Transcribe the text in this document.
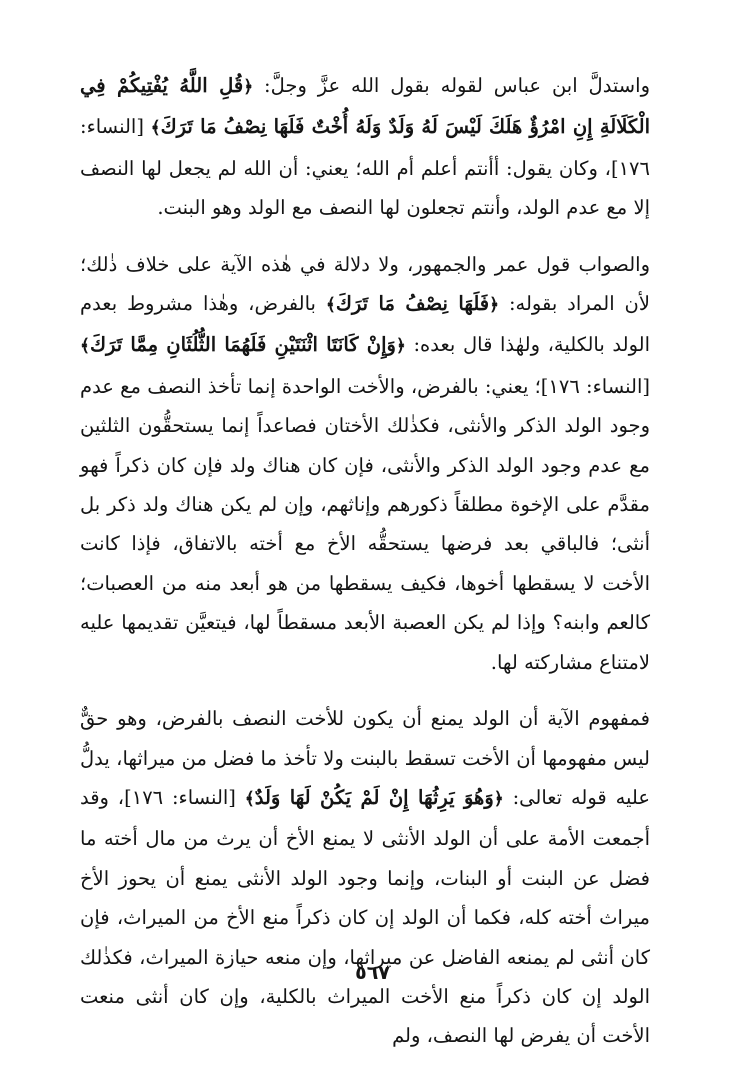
واستدلَّ ابن عباس لقوله بقول الله عزَّ وجلَّ: ﴿قُلِ اللَّهُ يُفْتِيكُمْ فِي الْكَلَالَةِ إِنِ امْرُؤٌ هَلَكَ لَيْسَ لَهُ وَلَدٌ وَلَهُ أُخْتٌ فَلَهَا نِصْفُ مَا تَرَكَ﴾ [النساء: ١٧٦]، وكان يقول: أأنتم أعلم أم الله؛ يعني: أن الله لم يجعل لها النصف إلا مع عدم الولد، وأنتم تجعلون لها النصف مع الولد وهو البنت.

والصواب قول عمر والجمهور، ولا دلالة في هٰذه الآية على خلاف ذٰلك؛ لأن المراد بقوله: ﴿فَلَهَا نِصْفُ مَا تَرَكَ﴾ بالفرض، وهٰذا مشروط بعدم الولد بالكلية، ولهٰذا قال بعده: ﴿وَإِنْ كَانَتَا اثْنَتَيْنِ فَلَهُمَا الثُّلُثَانِ مِمَّا تَرَكَ﴾ [النساء: ١٧٦]؛ يعني: بالفرض، والأخت الواحدة إنما تأخذ النصف مع عدم وجود الولد الذكر والأنثى، فكذٰلك الأختان فصاعداً إنما يستحقُّون الثلثين مع عدم وجود الولد الذكر والأنثى، فإن كان هناك ولد فإن كان ذكراً فهو مقدَّم على الإخوة مطلقاً ذكورهم وإناثهم، وإن لم يكن هناك ولد ذكر بل أنثى؛ فالباقي بعد فرضها يستحقُّه الأخ مع أخته بالاتفاق، فإذا كانت الأخت لا يسقطها أخوها، فكيف يسقطها من هو أبعد منه من العصبات؛ كالعم وابنه؟ وإذا لم يكن العصبة الأبعد مسقطاً لها، فيتعيَّن تقديمها عليه لامتناع مشاركته لها.

فمفهوم الآية أن الولد يمنع أن يكون للأخت النصف بالفرض، وهو حقٌّ ليس مفهومها أن الأخت تسقط بالبنت ولا تأخذ ما فضل من ميراثها، يدلُّ عليه قوله تعالى: ﴿وَهُوَ يَرِثُهَا إِنْ لَمْ يَكُنْ لَهَا وَلَدٌ﴾ [النساء: ١٧٦]، وقد أجمعت الأمة على أن الولد الأنثى لا يمنع الأخ أن يرث من مال أخته ما فضل عن البنت أو البنات، وإنما وجود الولد الأنثى يمنع أن يحوز الأخ ميراث أخته كله، فكما أن الولد إن كان ذكراً منع الأخ من الميراث، فإن كان أنثى لم يمنعه الفاضل عن ميراثها، وإن منعه حيازة الميراث، فكذٰلك الولد إن كان ذكراً منع الأخت الميراث بالكلية، وإن كان أنثى منعت الأخت أن يفرض لها النصف، ولم

٥٦٧
